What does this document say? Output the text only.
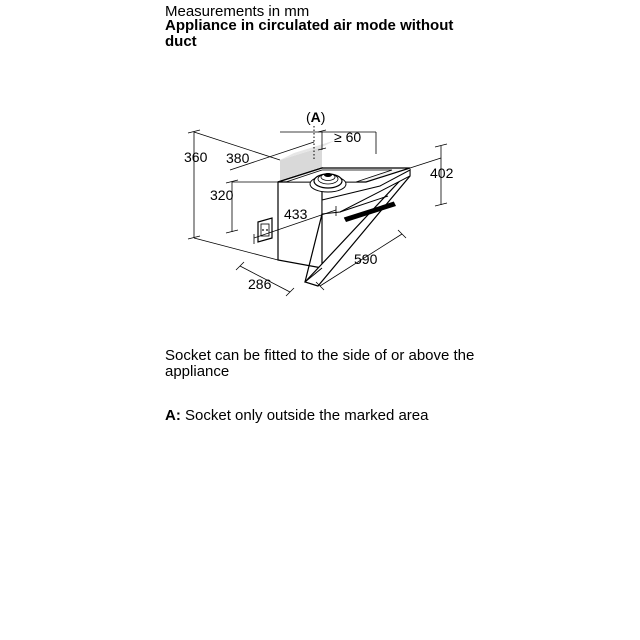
Measurements in mm

Appliance in circulated air mode without duct

(A)
360 380
≥ 60
402
320
433
590
286

Socket can be fitted to the side of or above the appliance

A: Socket only outside the marked area
